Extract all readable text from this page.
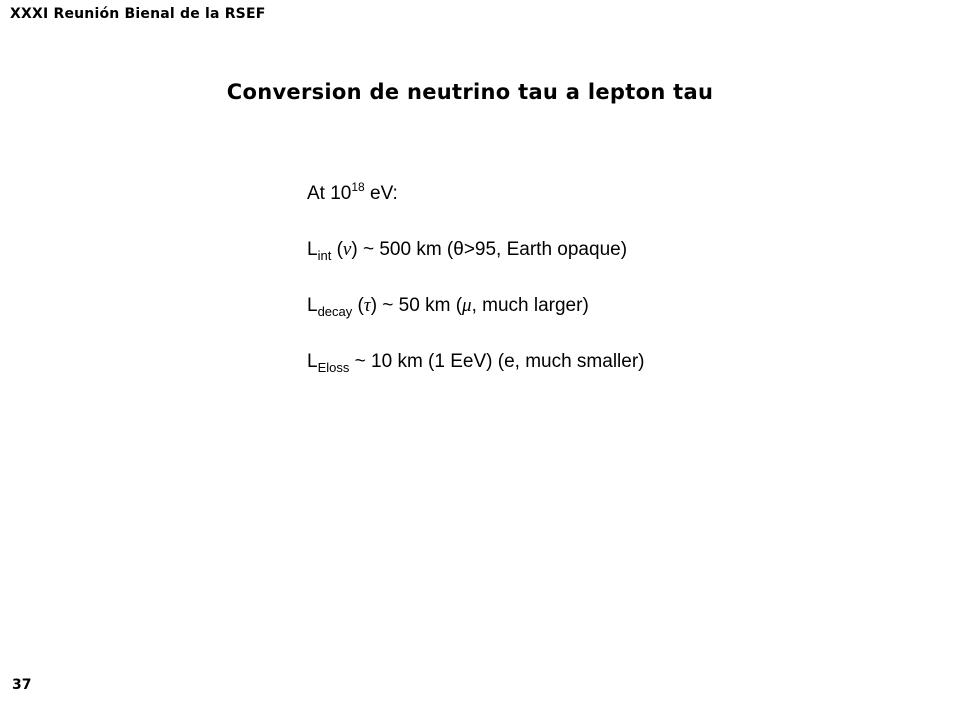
XXXI Reunión Bienal de la RSEF
Conversion de neutrino tau a lepton tau
At $10^{18}$ eV:
$L_{int}$ (ν) ~ 500 km (θ>95, Earth opaque)
$L_{decay}$ (τ) ~ 50 km (μ, much larger)
$L_{Eloss}$ ~ 10 km (1 EeV) (e, much smaller)
37
